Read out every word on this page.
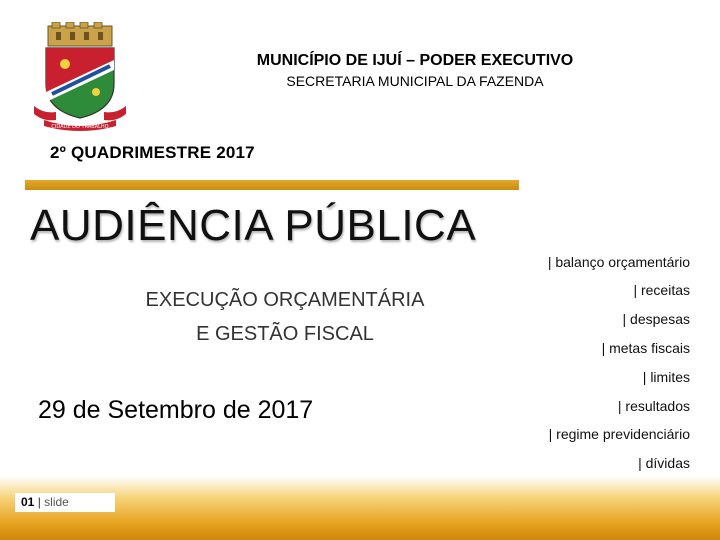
CIDADE DO TRABALHO
MUNICÍPIO DE IJUÍ – PODER EXECUTIVO
SECRETARIA MUNICIPAL DA FAZENDA
2º QUADRIMESTRE 2017
AUDIÊNCIA PÚBLICA
EXECUÇÃO ORÇAMENTÁRIA
E GESTÃO FISCAL
29 de Setembro de 2017
| balanço orçamentário
| receitas
| despesas
| metas fiscais
| limites
| resultados
| regime previdenciário
| dívidas
01 | slide
